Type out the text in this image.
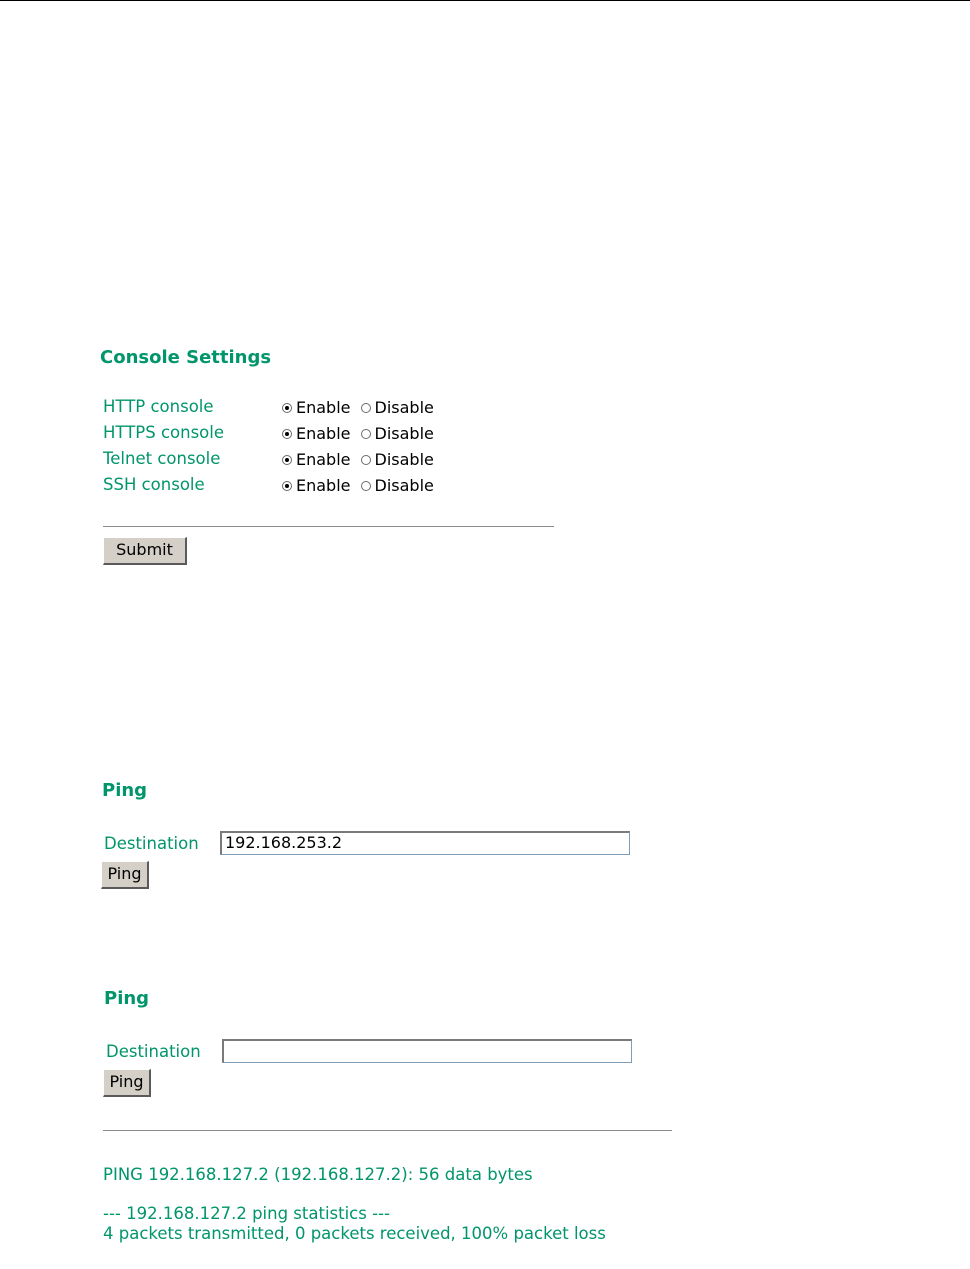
Console Settings
HTTP console	Enable Disable
HTTPS console	Enable Disable
Telnet console	Enable Disable
SSH console	Enable Disable
Submit
Ping
Destination	192.168.253.2
Ping
Ping
Destination
Ping
PING 192.168.127.2 (192.168.127.2): 56 data bytes
--- 192.168.127.2 ping statistics ---
4 packets transmitted, 0 packets received, 100% packet loss
